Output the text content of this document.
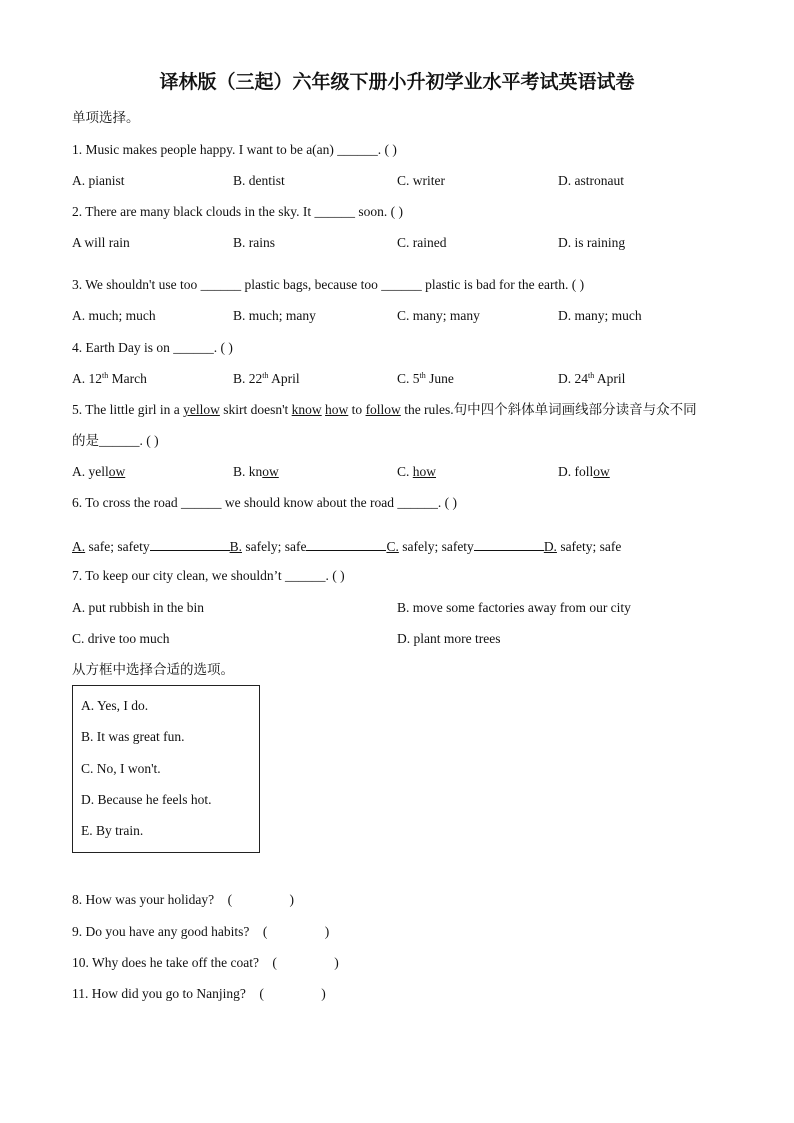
译林版（三起）六年级下册小升初学业水平考试英语试卷
单项选择。
1. Music makes people happy. I want to be a(an) ______. ( )
A. pianist	B. dentist	C. writer	D. astronaut
2. There are many black clouds in the sky. It ______ soon. ( )
A will rain	B. rains	C. rained	D. is raining
3. We shouldn't use too ______ plastic bags, because too ______ plastic is bad for the earth. ( )
A. much; much	B. much; many	C. many; many	D. many; much
4. Earth Day is on ______. ( )
A. 12th March	B. 22th April	C. 5th June	D. 24th April
5. The little girl in a yellow skirt doesn't know how to follow the rules.句中四个斜体单词画线部分读音与众不同
的是______. ( )
A. yellow	B. know	C. how	D. follow
6. To cross the road ______ we should know about the road ______. ( )
A. safe; safety	B. safely; safe	C. safely; safety	D. safety; safe
7. To keep our city clean, we shouldn’t ______. ( )
A. put rubbish in the bin	B. move some factories away from our city
C. drive too much	D. plant more trees
从方框中选择合适的选项。
A. Yes, I do.
B. It was great fun.
C. No, I won't.
D. Because he feels hot.
E. By train.
8. How was your holiday?    (                 )
9. Do you have any good habits?    (                 )
10. Why does he take off the coat?    (                 )
11. How did you go to Nanjing?    (                 )
